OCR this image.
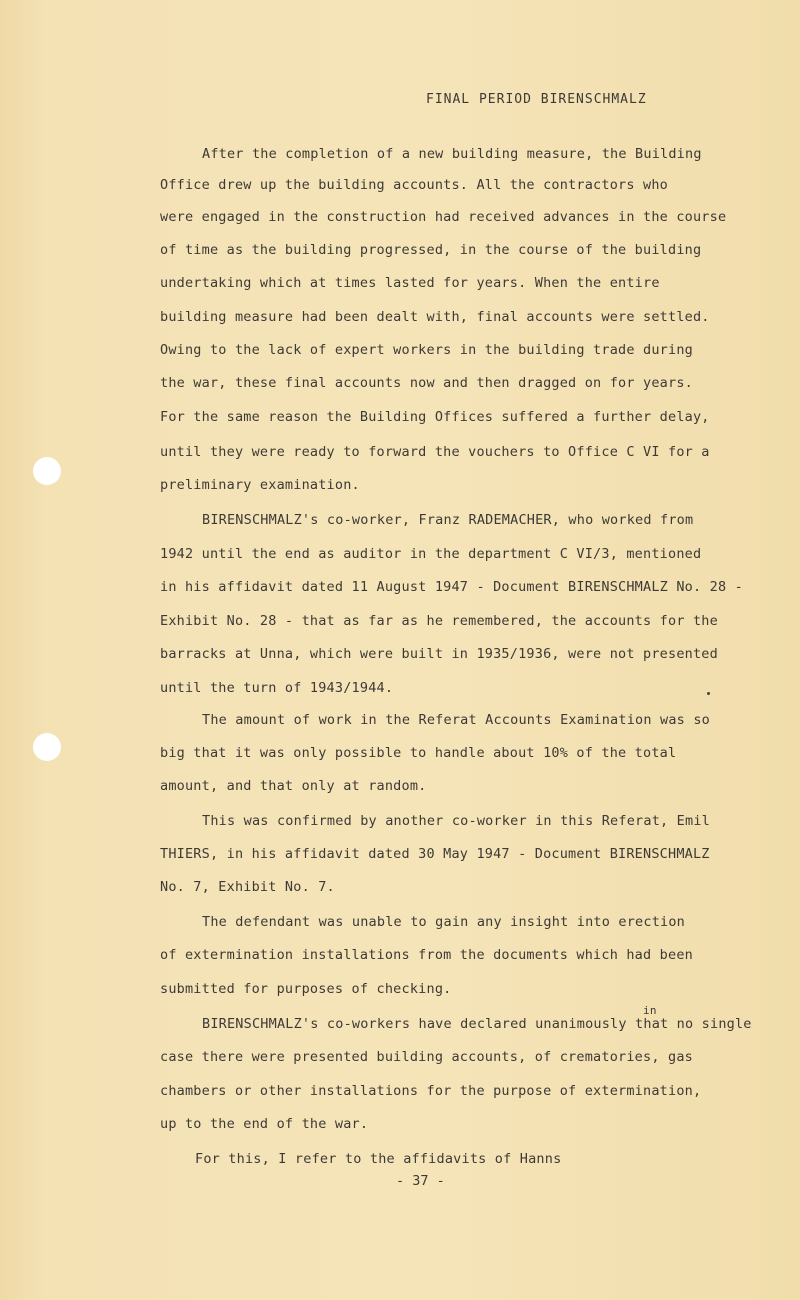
FINAL PERIOD BIRENSCHMALZ
After the completion of a new building measure, the Building
Office drew up the building accounts. All the contractors who
were engaged in the construction had received advances in the course
of time as the building progressed, in the course of the building
undertaking which at times lasted for years. When the entire
building measure had been dealt with, final accounts were settled.
Owing to the lack of expert workers in the building trade during
the war, these final accounts now and then dragged on for years.
For the same reason the Building Offices suffered a further delay,
until they were ready to forward the vouchers to Office C VI for a
preliminary examination.
BIRENSCHMALZ's co-worker, Franz RADEMACHER, who worked from
1942 until the end as auditor in the department C VI/3, mentioned
in his affidavit dated 11 August 1947 - Document BIRENSCHMALZ No. 28 -
Exhibit No. 28 - that as far as he remembered, the accounts for the
barracks at Unna, which were built in 1935/1936, were not presented
until the turn of 1943/1944.
The amount of work in the Referat Accounts Examination was so
big that it was only possible to handle about 10% of the total
amount, and that only at random.
This was confirmed by another co-worker in this Referat, Emil
THIERS, in his affidavit dated 30 May 1947 - Document BIRENSCHMALZ
No. 7, Exhibit No. 7.
The defendant was unable to gain any insight into erection
of extermination installations from the documents which had been
submitted for purposes of checking.
in
BIRENSCHMALZ's co-workers have declared unanimously that no single
case there were presented building accounts, of crematories, gas
chambers or other installations for the purpose of extermination,
up to the end of the war.
For this, I refer to the affidavits of Hanns
- 37 -
